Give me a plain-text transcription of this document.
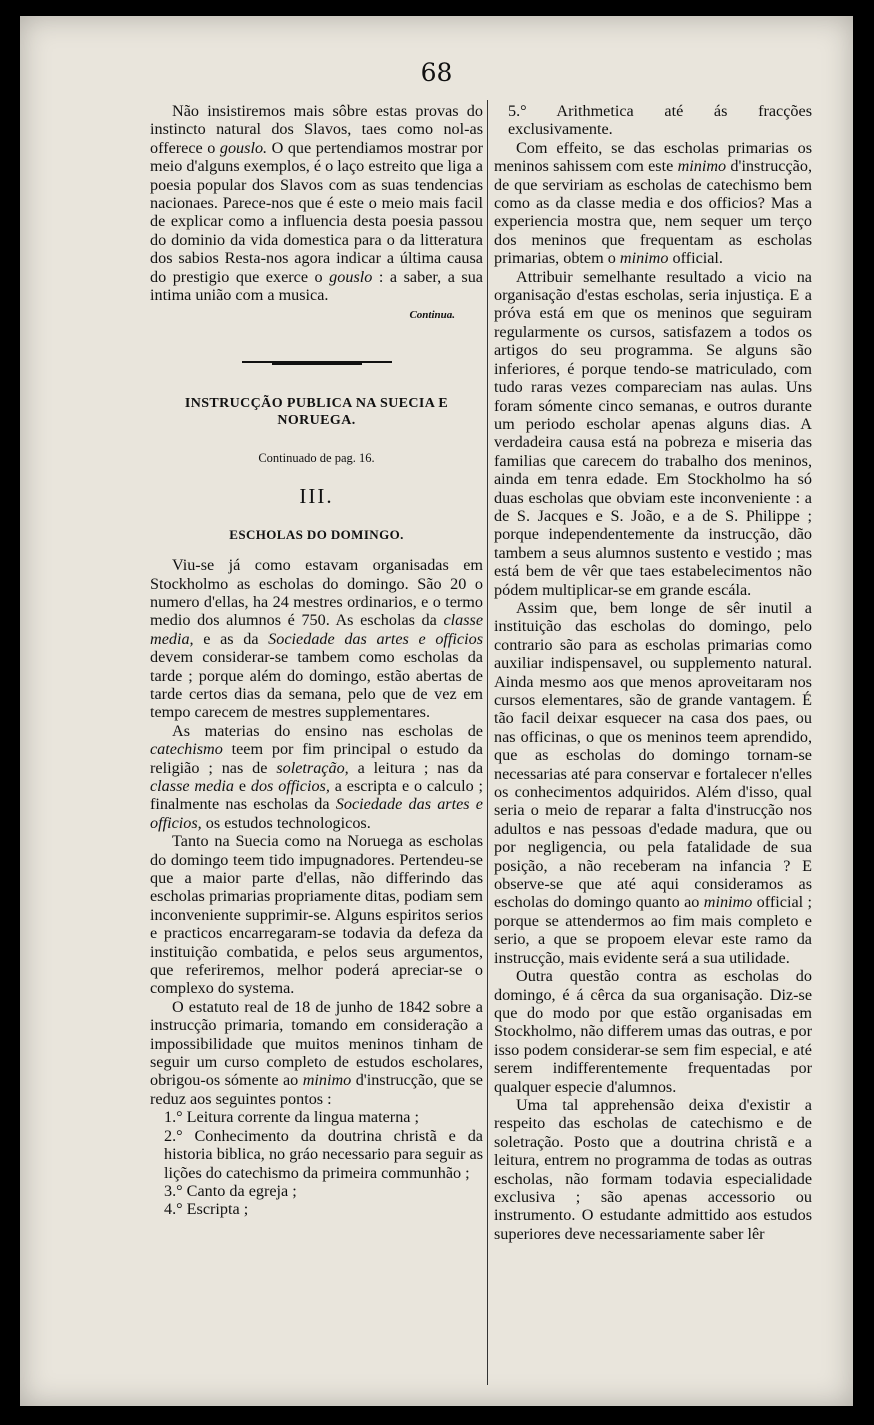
68

Não insistiremos mais sôbre estas provas do instincto natural dos Slavos, taes como nol-as offerece o gouslo. O que pertendiamos mostrar por meio d'alguns exemplos, é o laço estreito que liga a poesia popular dos Slavos com as suas tendencias nacionaes. Parece-nos que é este o meio mais facil de explicar como a influencia desta poesia passou do dominio da vida domestica para o da litteratura dos sabios Resta-nos agora indicar a última causa do prestigio que exerce o gouslo : a saber, a sua intima união com a musica.

Continua.

INSTRUCÇÃO PUBLICA NA SUECIA E NORUEGA.
Continuado de pag. 16.
III.
ESCHOLAS DO DOMINGO.

Viu-se já como estavam organisadas em Stockholmo as escholas do domingo. São 20 o numero d'ellas, ha 24 mestres ordinarios, e o termo medio dos alumnos é 750. As escholas da classe media, e as da Sociedade das artes e officios devem considerar-se tambem como escholas da tarde ; porque além do domingo, estão abertas de tarde certos dias da semana, pelo que de vez em tempo carecem de mestres supplementares.

As materias do ensino nas escholas de catechismo teem por fim principal o estudo da religião ; nas de soletração, a leitura ; nas da classe media e dos officios, a escripta e o calculo ; finalmente nas escholas da Sociedade das artes e officios, os estudos technologicos.

Tanto na Suecia como na Noruega as escholas do domingo teem tido impugnadores. Pertendeu-se que a maior parte d'ellas, não differindo das escholas primarias propriamente ditas, podiam sem inconveniente supprimir-se. Alguns espiritos serios e practicos encarregaram-se todavia da defeza da instituição combatida, e pelos seus argumentos, que referiremos, melhor poderá apreciar-se o complexo do systema.

O estatuto real de 18 de junho de 1842 sobre a instrucção primaria, tomando em consideração a impossibilidade que muitos meninos tinham de seguir um curso completo de estudos escholares, obrigou-os sómente ao minimo d'instrucção, que se reduz aos seguintes pontos :

1.° Leitura corrente da lingua materna ;

2.° Conhecimento da doutrina christã e da historia biblica, no gráo necessario para seguir as lições do catechismo da primeira communhão ;

3.° Canto da egreja ;

4.° Escripta ;

5.° Arithmetica até ás fracções exclusivamente.

Com effeito, se das escholas primarias os meninos sahissem com este minimo d'instrucção, de que serviriam as escholas de catechismo bem como as da classe media e dos officios? Mas a experiencia mostra que, nem sequer um terço dos meninos que frequentam as escholas primarias, obtem o minimo official.

Attribuir semelhante resultado a vicio na organisação d'estas escholas, seria injustiça. E a próva está em que os meninos que seguiram regularmente os cursos, satisfazem a todos os artigos do seu programma. Se alguns são inferiores, é porque tendo-se matriculado, com tudo raras vezes compareciam nas aulas. Uns foram sómente cinco semanas, e outros durante um periodo escholar apenas alguns dias. A verdadeira causa está na pobreza e miseria das familias que carecem do trabalho dos meninos, ainda em tenra edade. Em Stockholmo ha só duas escholas que obviam este inconveniente : a de S. Jacques e S. João, e a de S. Philippe ; porque independentemente da instrucção, dão tambem a seus alumnos sustento e vestido ; mas está bem de vêr que taes estabelecimentos não pódem multiplicar-se em grande escála.

Assim que, bem longe de sêr inutil a instituição das escholas do domingo, pelo contrario são para as escholas primarias como auxiliar indispensavel, ou supplemento natural. Ainda mesmo aos que menos aproveitaram nos cursos elementares, são de grande vantagem. É tão facil deixar esquecer na casa dos paes, ou nas officinas, o que os meninos teem aprendido, que as escholas do domingo tornam-se necessarias até para conservar e fortalecer n'elles os conhecimentos adquiridos. Além d'isso, qual seria o meio de reparar a falta d'instrucção nos adultos e nas pessoas d'edade madura, que ou por negligencia, ou pela fatalidade de sua posição, a não receberam na infancia ? E observe-se que até aqui consideramos as escholas do domingo quanto ao minimo official ; porque se attendermos ao fim mais completo e serio, a que se propoem elevar este ramo da instrucção, mais evidente será a sua utilidade.

Outra questão contra as escholas do domingo, é á cêrca da sua organisação. Diz-se que do modo por que estão organisadas em Stockholmo, não differem umas das outras, e por isso podem considerar-se sem fim especial, e até serem indifferentemente frequentadas por qualquer especie d'alumnos.

Uma tal apprehensão deixa d'existir a respeito das escholas de catechismo e de soletração. Posto que a doutrina christã e a leitura, entrem no programma de todas as outras escholas, não formam todavia especialidade exclusiva ; são apenas accessorio ou instrumento. O estudante admittido aos estudos superiores deve necessariamente saber lêr
